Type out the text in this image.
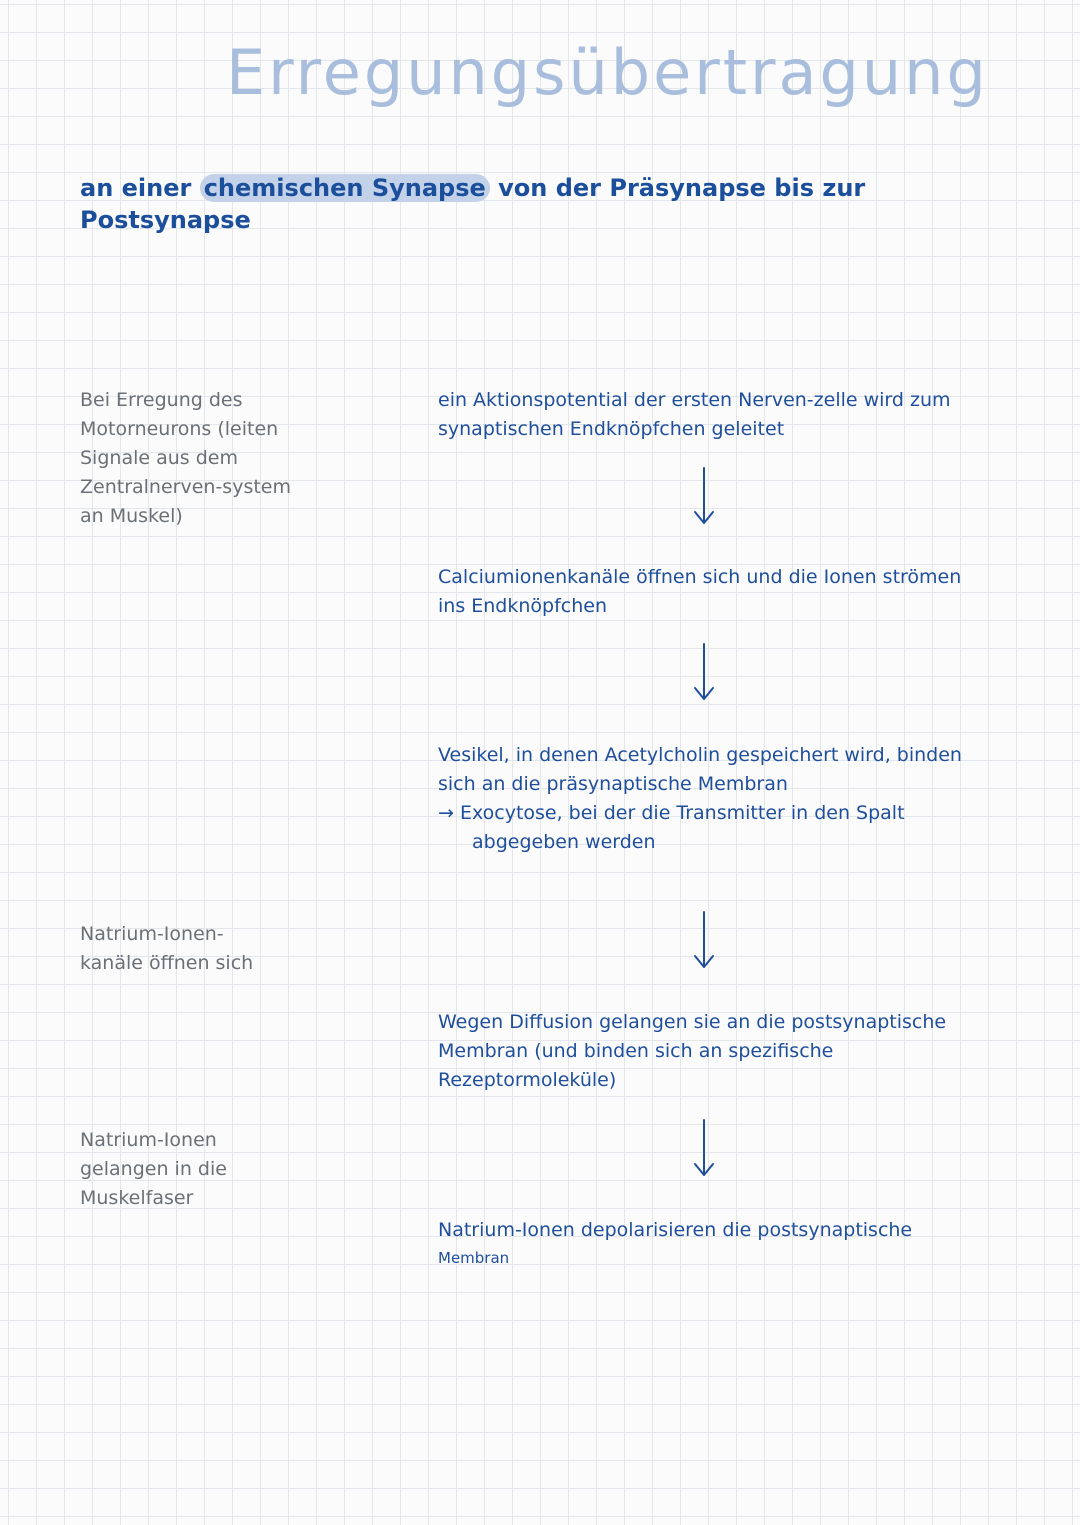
Erregungsübertragung

an einer chemischen Synapse von der Präsynapse bis zur Postsynapse

Bei Erregung des Motorneurons (leiten Signale aus dem Zentralnerven-system an Muskel)

Natrium-Ionen-kanäle öffnen sich

Natrium-Ionen gelangen in die Muskelfaser

ein Aktionspotential der ersten Nerven-zelle wird zum synaptischen Endknöpfchen geleitet

Calciumionenkanäle öffnen sich und die Ionen strömen ins Endknöpfchen

Vesikel, in denen Acetylcholin gespeichert wird, binden sich an die präsynaptische Membran
→ Exocytose, bei der die Transmitter in den Spalt abgegeben werden

Wegen Diffusion gelangen sie an die postsynaptische Membran (und binden sich an spezifische Rezeptormoleküle)

Natrium-Ionen depolarisieren die postsynaptische
Membran
